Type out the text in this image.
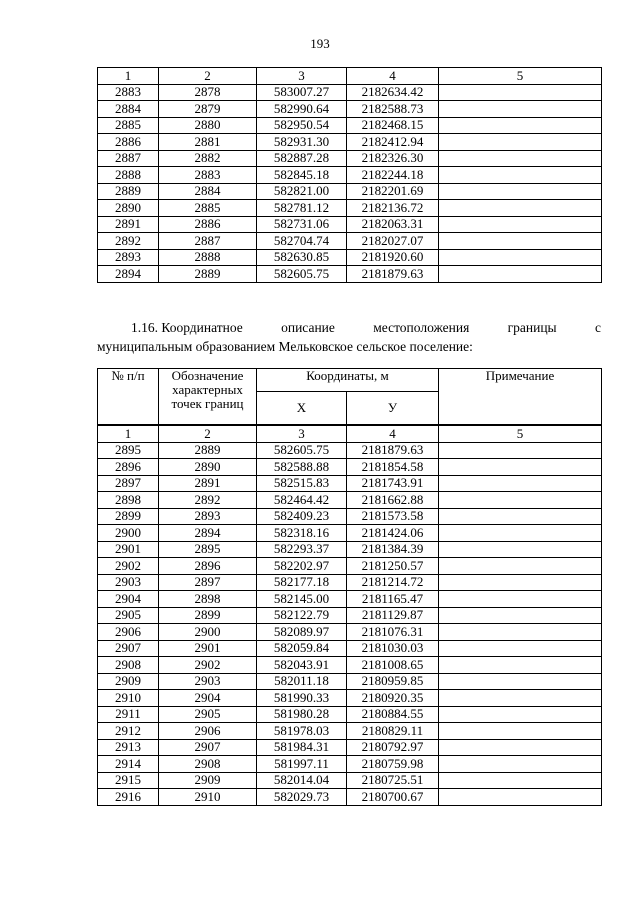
193
1	2	3	4	5
2883	2878	583007.27	2182634.42	
2884	2879	582990.64	2182588.73	
2885	2880	582950.54	2182468.15	
2886	2881	582931.30	2182412.94	
2887	2882	582887.28	2182326.30	
2888	2883	582845.18	2182244.18	
2889	2884	582821.00	2182201.69	
2890	2885	582781.12	2182136.72	
2891	2886	582731.06	2182063.31	
2892	2887	582704.74	2182027.07	
2893	2888	582630.85	2181920.60	
2894	2889	582605.75	2181879.63	
1.16. Координатное	описание	местоположения	границы	с
муниципальным образованием Мельковское сельское поселение:
№ п/п	Обозначение характерных точек границ	Координаты, м		Примечание
		Х	У	
1	2	3	4	5
2895	2889	582605.75	2181879.63	
2896	2890	582588.88	2181854.58	
2897	2891	582515.83	2181743.91	
2898	2892	582464.42	2181662.88	
2899	2893	582409.23	2181573.58	
2900	2894	582318.16	2181424.06	
2901	2895	582293.37	2181384.39	
2902	2896	582202.97	2181250.57	
2903	2897	582177.18	2181214.72	
2904	2898	582145.00	2181165.47	
2905	2899	582122.79	2181129.87	
2906	2900	582089.97	2181076.31	
2907	2901	582059.84	2181030.03	
2908	2902	582043.91	2181008.65	
2909	2903	582011.18	2180959.85	
2910	2904	581990.33	2180920.35	
2911	2905	581980.28	2180884.55	
2912	2906	581978.03	2180829.11	
2913	2907	581984.31	2180792.97	
2914	2908	581997.11	2180759.98	
2915	2909	582014.04	2180725.51	
2916	2910	582029.73	2180700.67	
